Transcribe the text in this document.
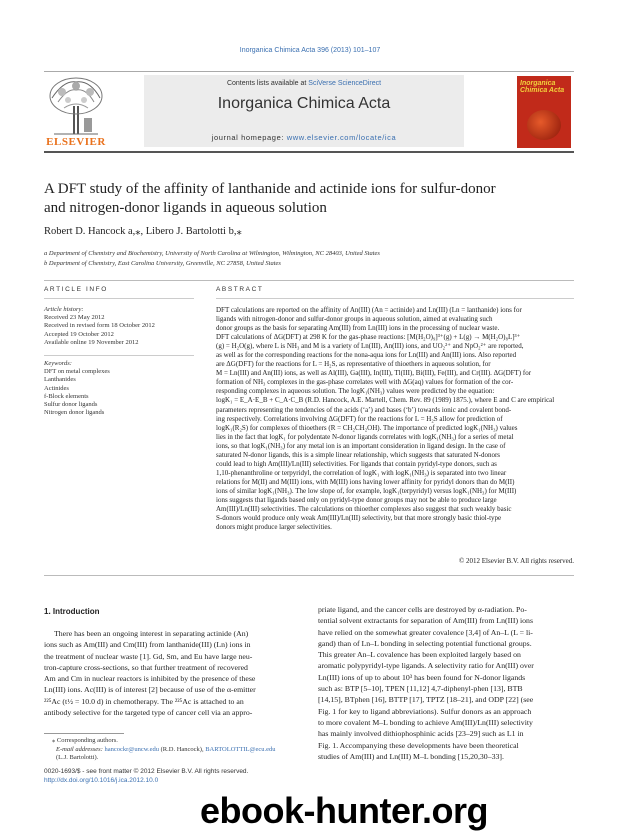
Inorganica Chimica Acta 396 (2013) 101–107
ELSEVIER
Contents lists available at SciVerse ScienceDirect
Inorganica Chimica Acta
journal homepage: www.elsevier.com/locate/ica
Inorganica Chimica Acta
A DFT study of the affinity of lanthanide and actinide ions for sulfur-donor
and nitrogen-donor ligands in aqueous solution
Robert D. Hancock a,⁎, Libero J. Bartolotti b,⁎
a Department of Chemistry and Biochemistry, University of North Carolina at Wilmington, Wilmington, NC 28403, United States
b Department of Chemistry, East Carolina University, Greenville, NC 27858, United States
ARTICLE INFO	ABSTRACT
Article history:
Received 23 May 2012
Received in revised form 18 October 2012
Accepted 19 October 2012
Available online 19 November 2012
Keywords:
DFT on metal complexes
Lanthanides
Actinides
f-Block elements
Sulfur donor ligands
Nitrogen donor ligands
DFT calculations are reported on the affinity of An(III) (An = actinide) and Ln(III) (Ln = lanthanide) ions for
ligands with nitrogen-donor and sulfur-donor groups in aqueous solution, aimed at evaluating such
donor groups as the basis for separating Am(III) from Ln(III) ions in the processing of nuclear waste.
DFT calculations of ΔG(DFT) at 298 K for the gas-phase reactions: [M(H₂O)₉]³⁺(g) + L(g) → M(H₂O)₈L]³⁺
(g) = H₂O(g), where L is NH₃ and M is a variety of Ln(III), An(III) ions, and UO₂²⁺ and NpO₂²⁺ are reported,
as well as for the corresponding reactions for the nona-aqua ions for Ln(III) and An(III) ions. Also reported
are ΔG(DFT) for the reactions for L = H₂S, as representative of thioethers in aqueous solution, for
M = Ln(III) and An(III) ions, as well as Al(III), Ga(III), In(III), Tl(III), Bi(III), Fe(III), and Cr(III). ΔG(DFT) for
formation of NH₃ complexes in the gas-phase correlates well with ΔG(aq) values for formation of the cor-
responding complexes in aqueous solution. The logK₁(NH₃) values were predicted by the equation:
logK₁ = E_A·E_B + C_A·C_B (R.D. Hancock, A.E. Martell, Chem. Rev. 89 (1989) 1875.), where E and C are empirical
parameters representing the tendencies of the acids (‘a’) and bases (‘b’) towards ionic and covalent bond-
ing respectively. Correlations involving ΔG(DFT) for the reactions for L = H₂S allow for prediction of
logK₁(R₂S) for complexes of thioethers (R = CH₂CH₂OH). The importance of predicted logK₁(NH₃) values
lies in the fact that logK₁ for polydentate N-donor ligands correlates with logK₁(NH₃) for a series of metal
ions, so that logK₁(NH₃) for any metal ion is an important consideration in ligand design. In the case of
saturated N-donor ligands, this is a simple linear relationship, which suggests that saturated N-donors
could lead to high Am(III)/Ln(III) selectivities. For ligands that contain pyridyl-type donors, such as
1,10-phenanthroline or terpyridyl, the correlation of logK₁ with logK₁(NH₃) is separated into two linear
relations for M(II) and M(III) ions, with M(III) ions having lower affinity for pyridyl donors than do M(II)
ions of similar logK₁(NH₃). The low slope of, for example, logK₁(terpyridyl) versus logK₁(NH₃) for M(III)
ions suggests that ligands based only on pyridyl-type donor groups may not be able to produce large
Am(III)/Ln(III) selectivities. The calculations on thioether complexes also suggest that such weakly basic
S-donors would produce only weak Am(III)/Ln(III) selectivity, but that more strongly basic thiol-type
donors might produce larger selectivities.
© 2012 Elsevier B.V. All rights reserved.
1. Introduction
There has been an ongoing interest in separating actinide (An)
ions such as Am(III) and Cm(III) from lanthanide(III) (Ln) ions in
the treatment of nuclear waste [1]. Gd, Sm, and Eu have large neu-
tron-capture cross-sections, so that further treatment of recovered
Am and Cm in nuclear reactors is inhibited by the presence of these
Ln(III) ions. Ac(III) is of interest [2] because of use of the α-emitter
²²⁵Ac (t½ = 10.0 d) in chemotherapy. The ²²⁵Ac is attached to an
antibody selective for the targeted type of cancer cell via an appro-
priate ligand, and the cancer cells are destroyed by α-radiation. Po-
tential solvent extractants for separation of Am(III) from Ln(III) ions
have relied on the somewhat greater covalence [3,4] of An–L (L = li-
gand) than of Ln–L bonding in selecting potential functional groups.
This greater An–L covalence has been exploited largely based on
aromatic polypyridyl-type ligands. A selectivity ratio for An(III) over
Ln(III) ions of up to about 10³ has been found for N-donor ligands
such as: BTP [5–10], TPEN [11,12] 4,7-diphenyl-phen [13], BTB
[14,15], BTphen [16], BTTP [17], TPTZ [18–21], and ODP [22] (see
Fig. 1 for key to ligand abbreviations). Sulfur donors as an approach
to more covalent M–L bonding to achieve Am(III)/Ln(III) selectivity
has mainly involved dithiophosphinic acids [23–29] such as L1 in
Fig. 1. Accompanying these developments have been theoretical
studies of Am(III) and Ln(III) M–L bonding [15,20,30–33].
⁎ Corresponding authors.
E-mail addresses: hancockr@uncw.edu (R.D. Hancock), BARTOLOTTIL@ecu.edu
(L.J. Bartolotti).
0020-1693/$ - see front matter © 2012 Elsevier B.V. All rights reserved.
http://dx.doi.org/10.1016/j.ica.2012.10.0
ebook-hunter.org
